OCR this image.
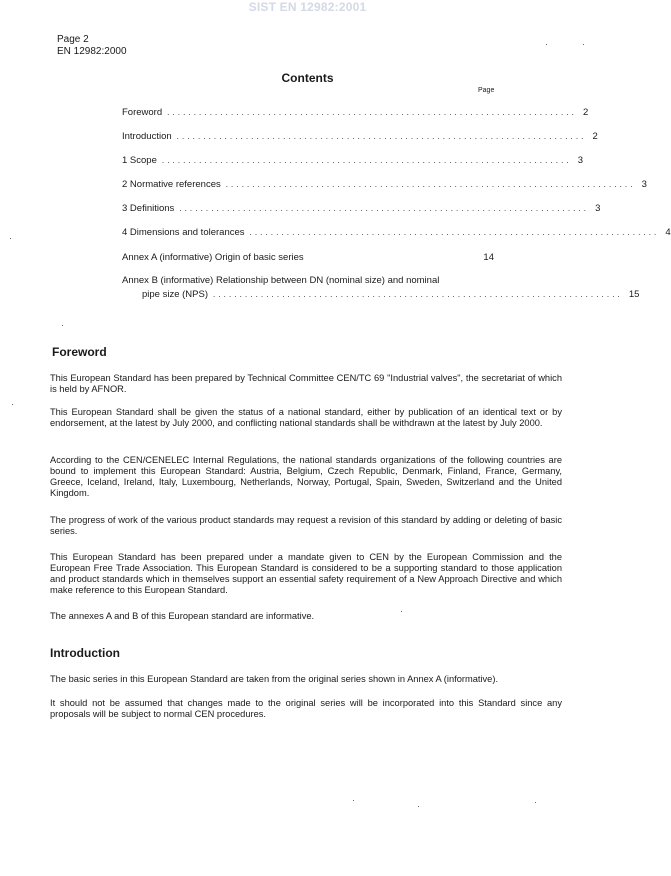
SIST EN 12982:2001
Page 2
EN 12982:2000
Contents
Page
Foreword ............................................................................. 2
Introduction ............................................................................. 2
1 Scope ............................................................................. 3
2 Normative references ............................................................................. 3
3 Definitions ............................................................................. 3
4 Dimensions and tolerances ............................................................................. 4
Annex A (informative) Origin of basic series	14
Annex B (informative) Relationship between DN (nominal size) and nominal
pipe size (NPS) ............................................................................. 15
Foreword

This European Standard has been prepared by Technical Committee CEN/TC 69 "Industrial valves", the secretariat of which is held by AFNOR.

This European Standard shall be given the status of a national standard, either by publication of an identical text or by endorsement, at the latest by July 2000, and conflicting national standards shall be withdrawn at the latest by July 2000.

According to the CEN/CENELEC Internal Regulations, the national standards organizations of the following countries are bound to implement this European Standard: Austria, Belgium, Czech Republic, Denmark, Finland, France, Germany, Greece, Iceland, Ireland, Italy, Luxembourg, Netherlands, Norway, Portugal, Spain, Sweden, Switzerland and the United Kingdom.

The progress of work of the various product standards may request a revision of this standard by adding or deleting of basic series.

This European Standard has been prepared under a mandate given to CEN by the European Commission and the European Free Trade Association. This European Standard is considered to be a supporting standard to those application and product standards which in themselves support an essential safety requirement of a New Approach Directive and which make reference to this European Standard.

The annexes A and B of this European standard are informative.

Introduction

The basic series in this European Standard are taken from the original series shown in Annex A (informative).

It should not be assumed that changes made to the original series will be incorporated into this Standard since any proposals will be subject to normal CEN procedures.
